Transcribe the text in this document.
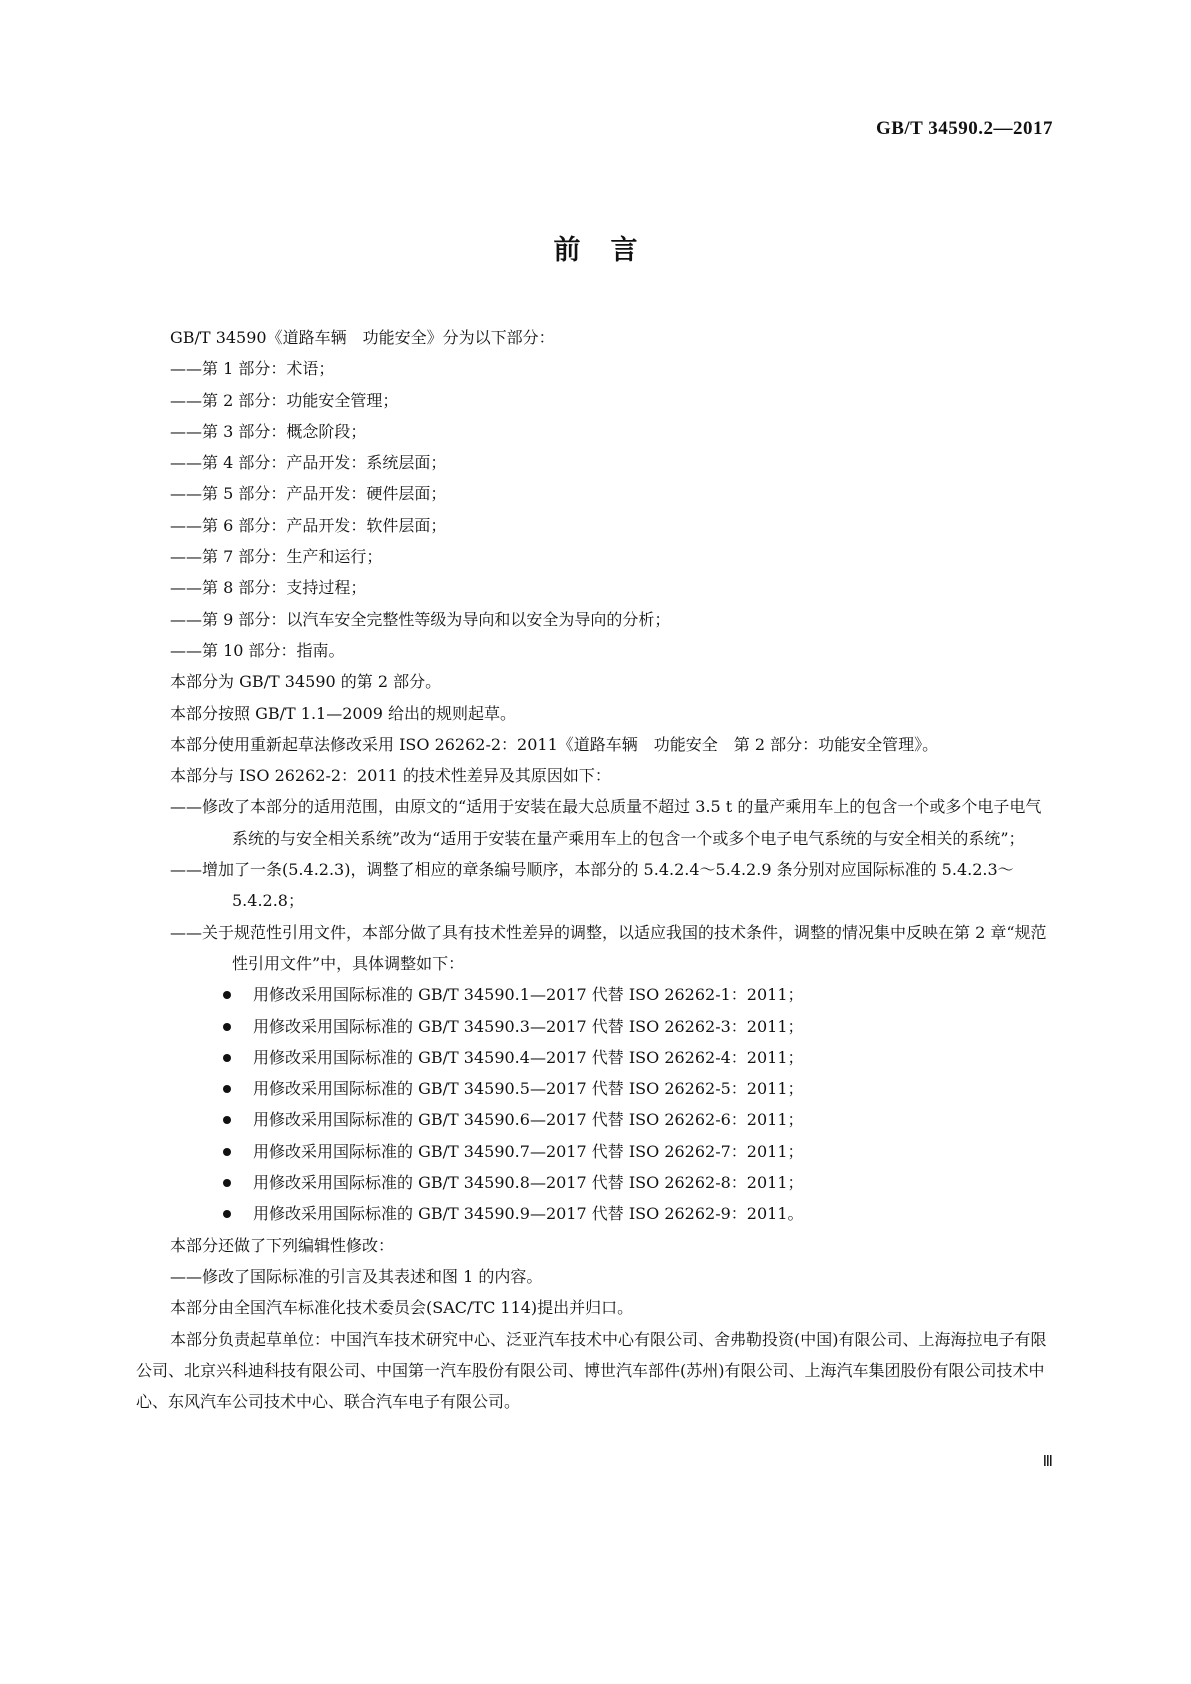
GB/T 34590.2—2017
前言

GB/T 34590《道路车辆　功能安全》分为以下部分：

——第 1 部分：术语；

——第 2 部分：功能安全管理；

——第 3 部分：概念阶段；

——第 4 部分：产品开发：系统层面；

——第 5 部分：产品开发：硬件层面；

——第 6 部分：产品开发：软件层面；

——第 7 部分：生产和运行；

——第 8 部分：支持过程；

——第 9 部分：以汽车安全完整性等级为导向和以安全为导向的分析；

——第 10 部分：指南。

本部分为 GB/T 34590 的第 2 部分。

本部分按照 GB/T 1.1—2009 给出的规则起草。

本部分使用重新起草法修改采用 ISO 26262-2：2011《道路车辆　功能安全　第 2 部分：功能安全管理》。

本部分与 ISO 26262-2：2011 的技术性差异及其原因如下：

——修改了本部分的适用范围，由原文的“适用于安装在最大总质量不超过 3.5 t 的量产乘用车上的包含一个或多个电子电气系统的与安全相关系统”改为“适用于安装在量产乘用车上的包含一个或多个电子电气系统的与安全相关的系统”；

——增加了一条(5.4.2.3)，调整了相应的章条编号顺序，本部分的 5.4.2.4～5.4.2.9 条分别对应国际标准的 5.4.2.3～5.4.2.8；

——关于规范性引用文件，本部分做了具有技术性差异的调整，以适应我国的技术条件，调整的情况集中反映在第 2 章“规范性引用文件”中，具体调整如下：

用修改采用国际标准的 GB/T 34590.1—2017 代替 ISO 26262-1：2011；

用修改采用国际标准的 GB/T 34590.3—2017 代替 ISO 26262-3：2011；

用修改采用国际标准的 GB/T 34590.4—2017 代替 ISO 26262-4：2011；

用修改采用国际标准的 GB/T 34590.5—2017 代替 ISO 26262-5：2011；

用修改采用国际标准的 GB/T 34590.6—2017 代替 ISO 26262-6：2011；

用修改采用国际标准的 GB/T 34590.7—2017 代替 ISO 26262-7：2011；

用修改采用国际标准的 GB/T 34590.8—2017 代替 ISO 26262-8：2011；

用修改采用国际标准的 GB/T 34590.9—2017 代替 ISO 26262-9：2011。

本部分还做了下列编辑性修改：

——修改了国际标准的引言及其表述和图 1 的内容。

本部分由全国汽车标准化技术委员会(SAC/TC 114)提出并归口。

本部分负责起草单位：中国汽车技术研究中心、泛亚汽车技术中心有限公司、舍弗勒投资(中国)有限公司、上海海拉电子有限公司、北京兴科迪科技有限公司、中国第一汽车股份有限公司、博世汽车部件(苏州)有限公司、上海汽车集团股份有限公司技术中心、东风汽车公司技术中心、联合汽车电子有限公司。

Ⅲ
